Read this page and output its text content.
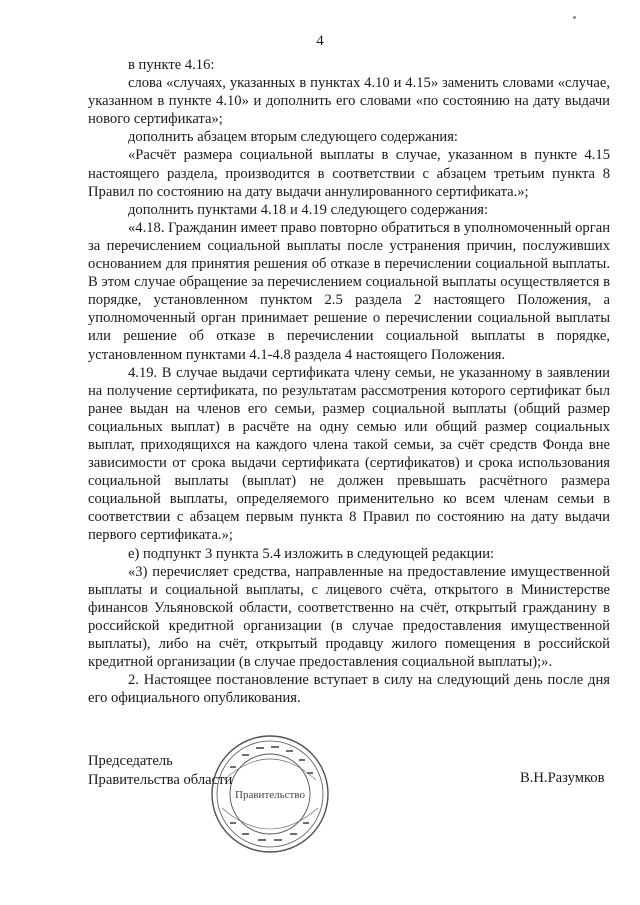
4

в пункте 4.16:

слова «случаях, указанных в пунктах 4.10 и 4.15» заменить словами «случае, указанном в пункте 4.10» и дополнить его словами «по состоянию на дату выдачи нового сертификата»;

дополнить абзацем вторым следующего содержания:

«Расчёт размера социальной выплаты в случае, указанном в пункте 4.15 настоящего раздела, производится в соответствии с абзацем третьим пункта 8 Правил по состоянию на дату выдачи аннулированного сертификата.»;

дополнить пунктами 4.18 и 4.19 следующего содержания:

«4.18. Гражданин имеет право повторно обратиться в уполномоченный орган за перечислением социальной выплаты после устранения причин, послуживших основанием для принятия решения об отказе в перечислении социальной выплаты. В этом случае обращение за перечислением социальной выплаты осуществляется в порядке, установленном пунктом 2.5 раздела 2 настоящего Положения, а уполномоченный орган принимает решение о перечислении социальной выплаты или решение об отказе в перечислении социальной выплаты в порядке, установленном пунктами 4.1-4.8 раздела 4 настоящего Положения.

4.19. В случае выдачи сертификата члену семьи, не указанному в заявлении на получение сертификата, по результатам рассмотрения которого сертификат был ранее выдан на членов его семьи, размер социальной выплаты (общий размер социальных выплат) в расчёте на одну семью или общий размер социальных выплат, приходящихся на каждого члена такой семьи, за счёт средств Фонда вне зависимости от срока выдачи сертификата (сертификатов) и срока использования социальной выплаты (выплат) не должен превышать расчётного размера социальной выплаты, определяемого применительно ко всем членам семьи в соответствии с абзацем первым пункта 8 Правил по состоянию на дату выдачи первого сертификата.»;

е) подпункт 3 пункта 5.4 изложить в следующей редакции:

«3) перечисляет средства, направленные на предоставление имущественной выплаты и социальной выплаты, с лицевого счёта, открытого в Министерстве финансов Ульяновской области, соответственно на счёт, открытый гражданину в российской кредитной организации (в случае предоставления имущественной выплаты), либо на счёт, открытый продавцу жилого помещения в российской кредитной организации (в случае предоставления социальной выплаты);».

2. Настоящее постановление вступает в силу на следующий день после дня его официального опубликования.

Председатель
Правительства области
Правительство
В.Н.Разумков
